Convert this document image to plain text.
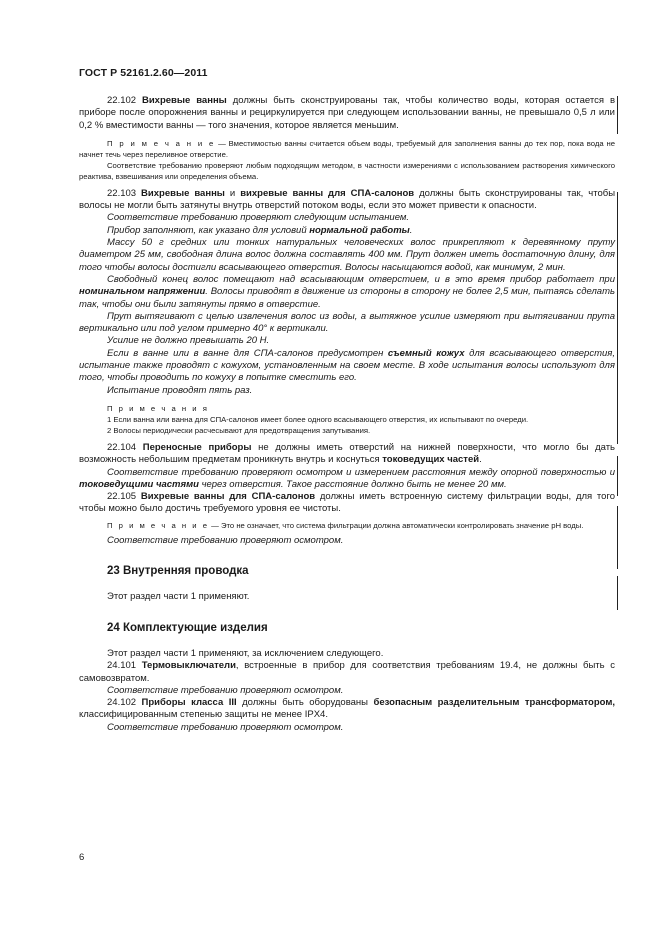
ГОСТ Р 52161.2.60—2011

22.102 Вихревые ванны должны быть сконструированы так, чтобы количество воды, которая остается в приборе после опорожнения ванны и рециркулируется при следующем использовании ванны, не превышало 0,5 л или 0,2 % вместимости ванны — того значения, которое является меньшим.

П р и м е ч а н и е — Вместимостью ванны считается объем воды, требуемый для заполнения ванны до тех пор, пока вода не начнет течь через переливное отверстие.

Соответствие требованию проверяют любым подходящим методом, в частности измерениями с использованием растворения химического реактива, взвешивания или определения объема.

22.103 Вихревые ванны и вихревые ванны для СПА-салонов должны быть сконструированы так, чтобы волосы не могли быть затянуты внутрь отверстий потоком воды, если это может привести к опасности.

Соответствие требованию проверяют следующим испытанием.

Прибор заполняют, как указано для условий нормальной работы.

Массу 50 г средних или тонких натуральных человеческих волос прикрепляют к деревянному пруту диаметром 25 мм, свободная длина волос должна составлять 400 мм. Прут должен иметь достаточную длину, для того чтобы волосы достигли всасывающего отверстия. Волосы насыщаются водой, как минимум, 2 мин.

Свободный конец волос помещают над всасывающим отверстием, и в это время прибор работает при номинальном напряжении. Волосы приводят в движение из стороны в сторону не более 2,5 мин, пытаясь сделать так, чтобы они были затянуты прямо в отверстие.

Прут вытягивают с целью извлечения волос из воды, а вытяжное усилие измеряют при вытягивании прута вертикально или под углом примерно 40° к вертикали.

Усилие не должно превышать 20 Н.

Если в ванне или в ванне для СПА-салонов предусмотрен съемный кожух для всасывающего отверстия, испытание также проводят с кожухом, установленным на своем месте. В ходе испытания волосы используют для того, чтобы проводить по кожуху в попытке сместить его.

Испытание проводят пять раз.

П р и м е ч а н и я

1 Если ванна или ванна для СПА-салонов имеет более одного всасывающего отверстия, их испытывают по очереди.

2 Волосы периодически расчесывают для предотвращения запутывания.

22.104 Переносные приборы не должны иметь отверстий на нижней поверхности, что могло бы дать возможность небольшим предметам проникнуть внутрь и коснуться токоведущих частей.

Соответствие требованию проверяют осмотром и измерением расстояния между опорной поверхностью и токоведущими частями через отверстия. Такое расстояние должно быть не менее 20 мм.

22.105 Вихревые ванны для СПА-салонов должны иметь встроенную систему фильтрации воды, для того чтобы можно было достичь требуемого уровня ее чистоты.

П р и м е ч а н и е — Это не означает, что система фильтрации должна автоматически контролировать значение pH воды.

Соответствие требованию проверяют осмотром.

23 Внутренняя проводка

Этот раздел части 1 применяют.

24 Комплектующие изделия

Этот раздел части 1 применяют, за исключением следующего.

24.101 Термовыключатели, встроенные в прибор для соответствия требованиям 19.4, не должны быть с самовозвратом.

Соответствие требованию проверяют осмотром.

24.102 Приборы класса III должны быть оборудованы безопасным разделительным трансформатором, классифицированным степенью защиты не менее IPX4.

Соответствие требованию проверяют осмотром.

6
